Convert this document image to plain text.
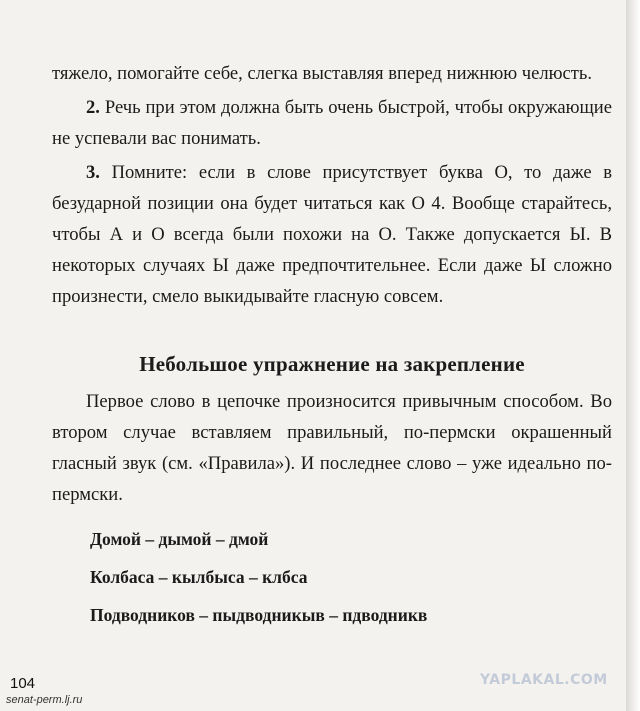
тяжело, помогайте себе, слегка выставляя вперед нижнюю челюсть.

2. Речь при этом должна быть очень быстрой, чтобы окружающие не успевали вас понимать.

3. Помните: если в слове присутствует буква О, то даже в безударной позиции она будет читаться как О 4. Вообще старайтесь, чтобы А и О всегда были похожи на О. Также допускается Ы. В некоторых случаях Ы даже предпочтительнее. Если даже Ы сложно произнести, смело выкидывайте гласную совсем.

Небольшое упражнение на закрепление

Первое слово в цепочке произносится привычным способом. Во втором случае вставляем правильный, по-пермски окрашенный гласный звук (см. «Правила»). И последнее слово – уже идеально по-пермски.

Домой – дымой – дмой
Колбаса – кылбыса – клбса
Подводников – пыдводникыв – пдводникв
104
senat-perm.lj.ru
YAPLAKAL.COM
